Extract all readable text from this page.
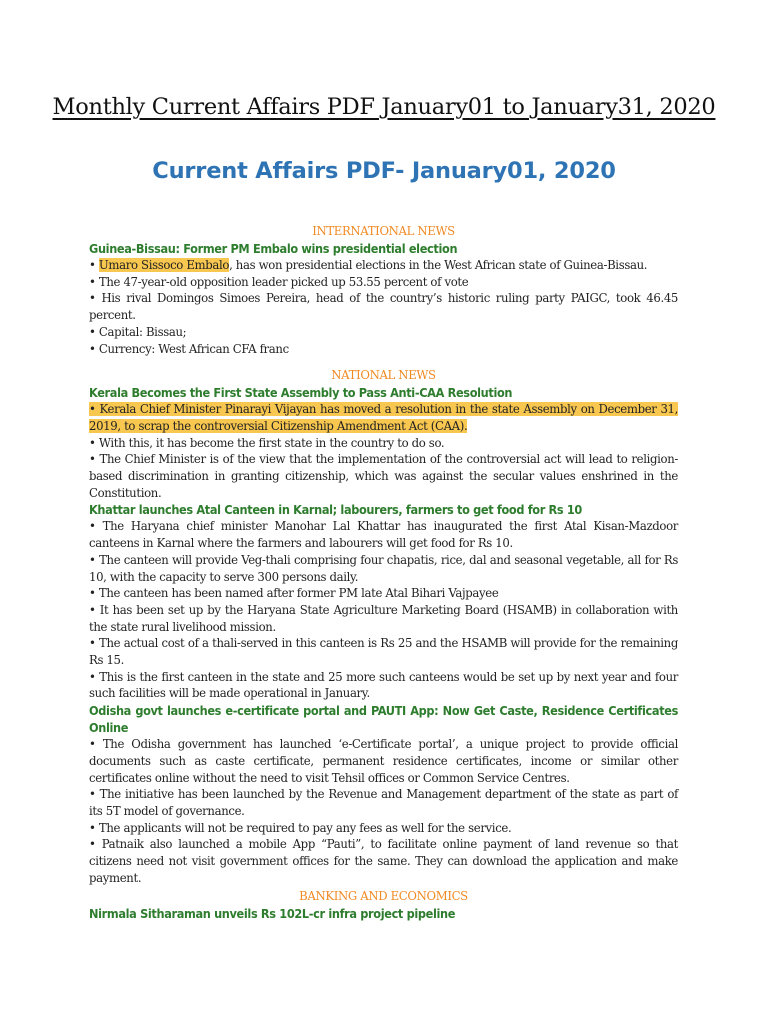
Monthly Current Affairs PDF January01 to January31, 2020
Current Affairs PDF- January01, 2020
INTERNATIONAL NEWS
Guinea-Bissau: Former PM Embalo wins presidential election
• Umaro Sissoco Embalo, has won presidential elections in the West African state of Guinea-Bissau.
• The 47-year-old opposition leader picked up 53.55 percent of vote
• His rival Domingos Simoes Pereira, head of the country’s historic ruling party PAIGC, took 46.45 percent.
• Capital: Bissau;
• Currency: West African CFA franc
NATIONAL NEWS
Kerala Becomes the First State Assembly to Pass Anti-CAA Resolution
• Kerala Chief Minister Pinarayi Vijayan has moved a resolution in the state Assembly on December 31, 2019, to scrap the controversial Citizenship Amendment Act (CAA).
• With this, it has become the first state in the country to do so.
• The Chief Minister is of the view that the implementation of the controversial act will lead to religion-based discrimination in granting citizenship, which was against the secular values enshrined in the Constitution.
Khattar launches Atal Canteen in Karnal; labourers, farmers to get food for Rs 10
• The Haryana chief minister Manohar Lal Khattar has inaugurated the first Atal Kisan-Mazdoor canteens in Karnal where the farmers and labourers will get food for Rs 10.
• The canteen will provide Veg-thali comprising four chapatis, rice, dal and seasonal vegetable, all for Rs 10, with the capacity to serve 300 persons daily.
• The canteen has been named after former PM late Atal Bihari Vajpayee
• It has been set up by the Haryana State Agriculture Marketing Board (HSAMB) in collaboration with the state rural livelihood mission.
• The actual cost of a thali-served in this canteen is Rs 25 and the HSAMB will provide for the remaining Rs 15.
• This is the first canteen in the state and 25 more such canteens would be set up by next year and four such facilities will be made operational in January.
Odisha govt launches e-certificate portal and PAUTI App: Now Get Caste, Residence Certificates Online
• The Odisha government has launched ‘e-Certificate portal’, a unique project to provide official documents such as caste certificate, permanent residence certificates, income or similar other certificates online without the need to visit Tehsil offices or Common Service Centres.
• The initiative has been launched by the Revenue and Management department of the state as part of its 5T model of governance.
• The applicants will not be required to pay any fees as well for the service.
• Patnaik also launched a mobile App “Pauti”, to facilitate online payment of land revenue so that citizens need not visit government offices for the same. They can download the application and make payment.
BANKING AND ECONOMICS
Nirmala Sitharaman unveils Rs 102L-cr infra project pipeline
